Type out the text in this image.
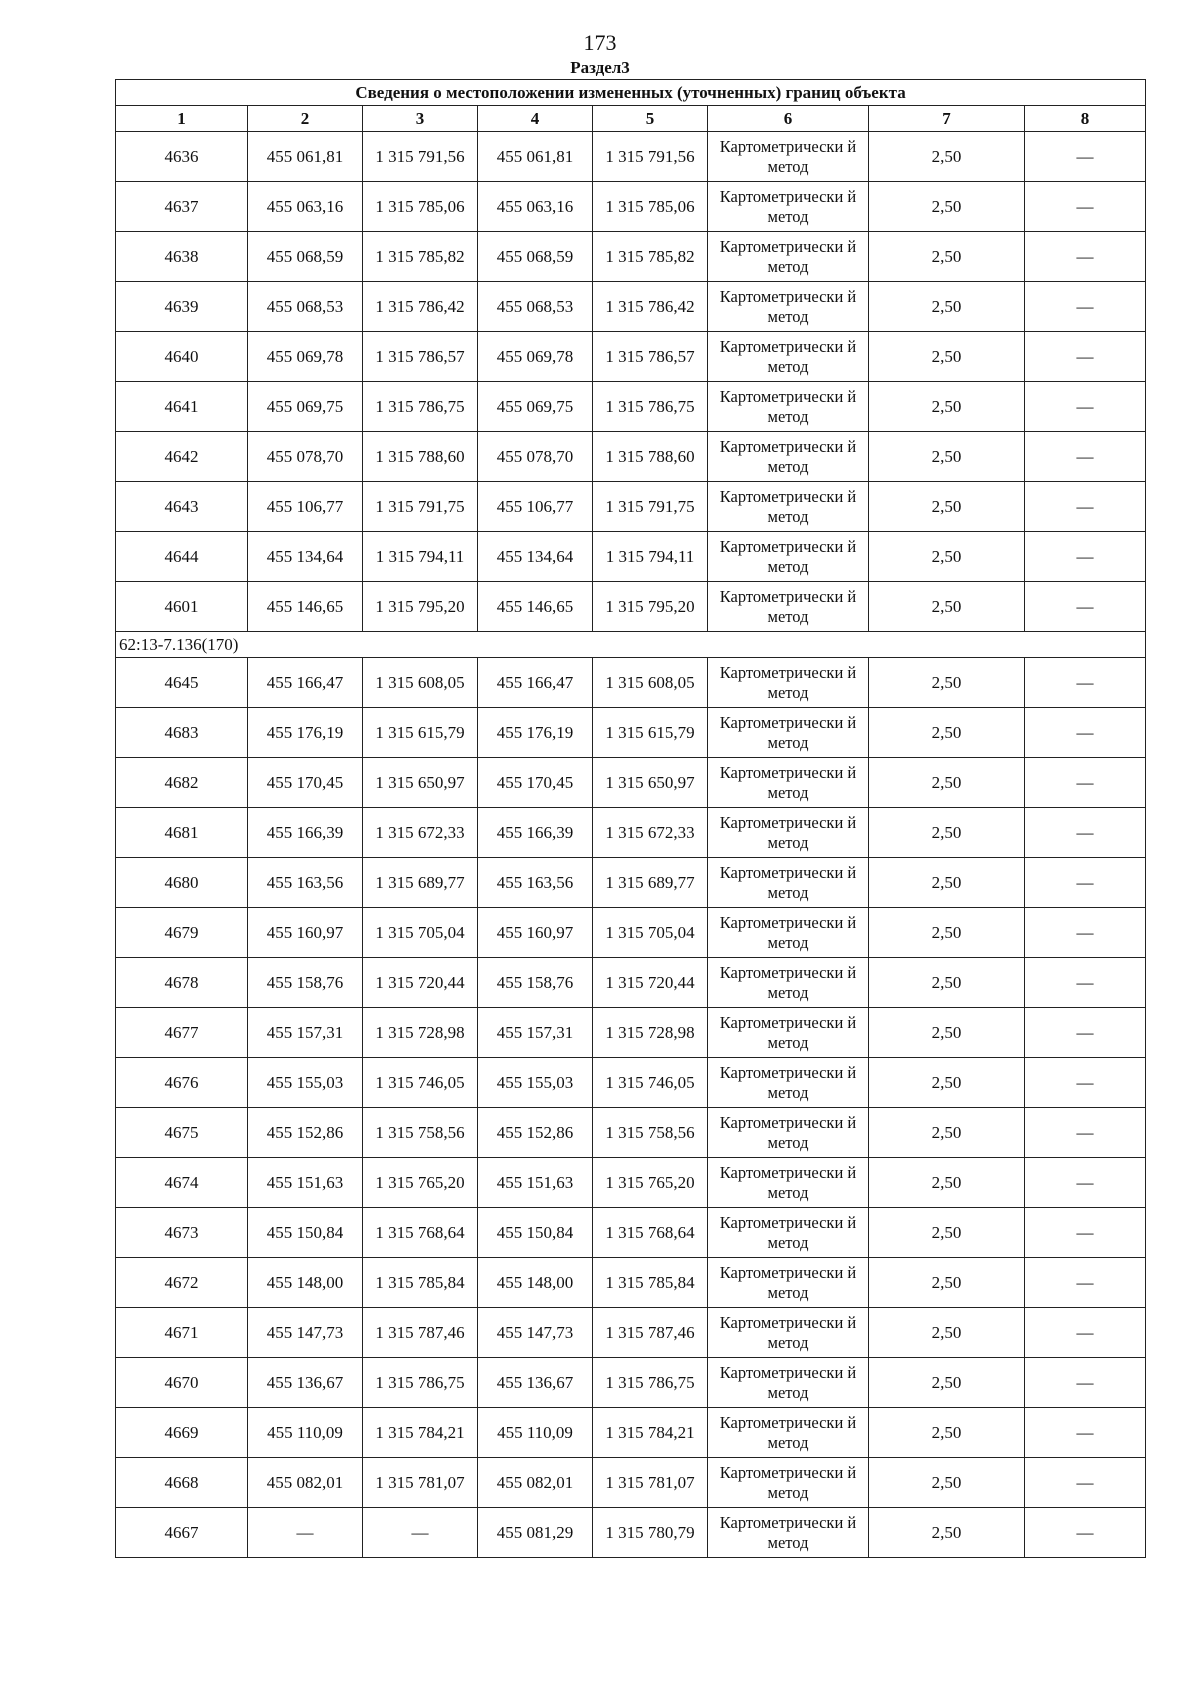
173
Раздел3
Сведения о местоположении измененных (уточненных) границ объекта							
1	2	3	4	5	6	7	8
4636	455 061,81	1 315 791,56	455 061,81	1 315 791,56	Картометрически й метод	2,50	—
4637	455 063,16	1 315 785,06	455 063,16	1 315 785,06	Картометрически й метод	2,50	—
4638	455 068,59	1 315 785,82	455 068,59	1 315 785,82	Картометрически й метод	2,50	—
4639	455 068,53	1 315 786,42	455 068,53	1 315 786,42	Картометрически й метод	2,50	—
4640	455 069,78	1 315 786,57	455 069,78	1 315 786,57	Картометрически й метод	2,50	—
4641	455 069,75	1 315 786,75	455 069,75	1 315 786,75	Картометрически й метод	2,50	—
4642	455 078,70	1 315 788,60	455 078,70	1 315 788,60	Картометрически й метод	2,50	—
4643	455 106,77	1 315 791,75	455 106,77	1 315 791,75	Картометрически й метод	2,50	—
4644	455 134,64	1 315 794,11	455 134,64	1 315 794,11	Картометрически й метод	2,50	—
4601	455 146,65	1 315 795,20	455 146,65	1 315 795,20	Картометрически й метод	2,50	—
62:13-7.136(170)							
4645	455 166,47	1 315 608,05	455 166,47	1 315 608,05	Картометрически й метод	2,50	—
4683	455 176,19	1 315 615,79	455 176,19	1 315 615,79	Картометрически й метод	2,50	—
4682	455 170,45	1 315 650,97	455 170,45	1 315 650,97	Картометрически й метод	2,50	—
4681	455 166,39	1 315 672,33	455 166,39	1 315 672,33	Картометрически й метод	2,50	—
4680	455 163,56	1 315 689,77	455 163,56	1 315 689,77	Картометрически й метод	2,50	—
4679	455 160,97	1 315 705,04	455 160,97	1 315 705,04	Картометрически й метод	2,50	—
4678	455 158,76	1 315 720,44	455 158,76	1 315 720,44	Картометрически й метод	2,50	—
4677	455 157,31	1 315 728,98	455 157,31	1 315 728,98	Картометрически й метод	2,50	—
4676	455 155,03	1 315 746,05	455 155,03	1 315 746,05	Картометрически й метод	2,50	—
4675	455 152,86	1 315 758,56	455 152,86	1 315 758,56	Картометрически й метод	2,50	—
4674	455 151,63	1 315 765,20	455 151,63	1 315 765,20	Картометрически й метод	2,50	—
4673	455 150,84	1 315 768,64	455 150,84	1 315 768,64	Картометрически й метод	2,50	—
4672	455 148,00	1 315 785,84	455 148,00	1 315 785,84	Картометрически й метод	2,50	—
4671	455 147,73	1 315 787,46	455 147,73	1 315 787,46	Картометрически й метод	2,50	—
4670	455 136,67	1 315 786,75	455 136,67	1 315 786,75	Картометрически й метод	2,50	—
4669	455 110,09	1 315 784,21	455 110,09	1 315 784,21	Картометрически й метод	2,50	—
4668	455 082,01	1 315 781,07	455 082,01	1 315 781,07	Картометрически й метод	2,50	—
4667	—	—	455 081,29	1 315 780,79	Картометрически й метод	2,50	—
